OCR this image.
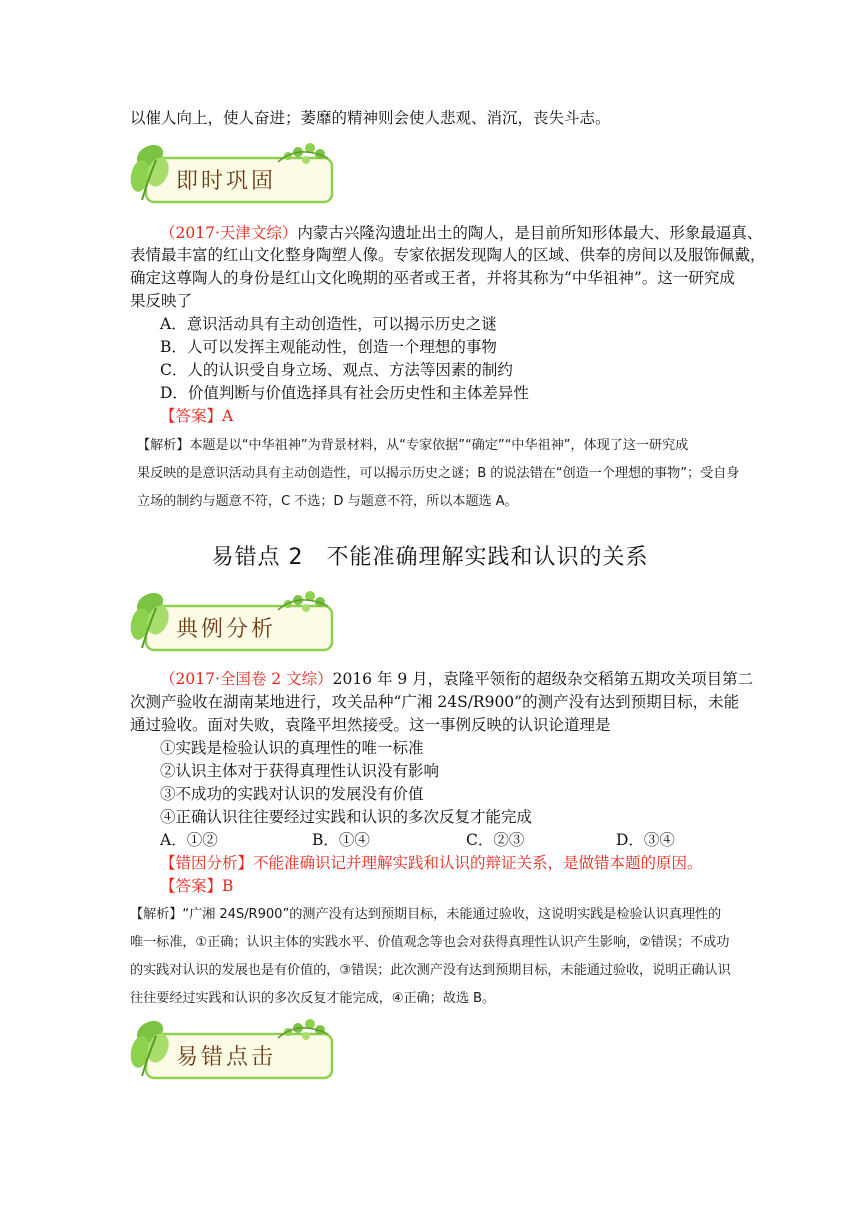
以催人向上，使人奋进；萎靡的精神则会使人悲观、消沉，丧失斗志。
即时巩固
（2017·天津文综）内蒙古兴隆沟遗址出土的陶人，是目前所知形体最大、形象最逼真、
表情最丰富的红山文化整身陶塑人像。专家依据发现陶人的区域、供奉的房间以及服饰佩戴，
确定这尊陶人的身份是红山文化晚期的巫者或王者，并将其称为“中华祖神”。这一研究成
果反映了
A．意识活动具有主动创造性，可以揭示历史之谜
B．人可以发挥主观能动性，创造一个理想的事物
C．人的认识受自身立场、观点、方法等因素的制约
D．价值判断与价值选择具有社会历史性和主体差异性
【答案】A
【解析】本题是以“中华祖神”为背景材料，从“专家依据”“确定”“中华祖神”，体现了这一研究成
果反映的是意识活动具有主动创造性，可以揭示历史之谜；B 的说法错在“创造一个理想的事物”；受自身
立场的制约与题意不符，C 不选；D 与题意不符，所以本题选 A。
易错点 2　不能准确理解实践和认识的关系
典例分析
（2017·全国卷 2 文综）2016 年 9 月，袁隆平领衔的超级杂交稻第五期攻关项目第二
次测产验收在湖南某地进行，攻关品种“广湘 24S/R900”的测产没有达到预期目标，未能
通过验收。面对失败，袁隆平坦然接受。这一事例反映的认识论道理是
①实践是检验认识的真理性的唯一标准
②认识主体对于获得真理性认识没有影响
③不成功的实践对认识的发展没有价值
④正确认识往往要经过实践和认识的多次反复才能完成
A．①②	B．①④	C．②③	D．③④
【错因分析】不能准确识记并理解实践和认识的辩证关系，是做错本题的原因。
【答案】B
【解析】“广湘 24S/R900”的测产没有达到预期目标，未能通过验收，这说明实践是检验认识真理性的
唯一标准，①正确；认识主体的实践水平、价值观念等也会对获得真理性认识产生影响，②错误；不成功
的实践对认识的发展也是有价值的，③错误；此次测产没有达到预期目标，未能通过验收，说明正确认识
往往要经过实践和认识的多次反复才能完成，④正确；故选 B。
易错点击
